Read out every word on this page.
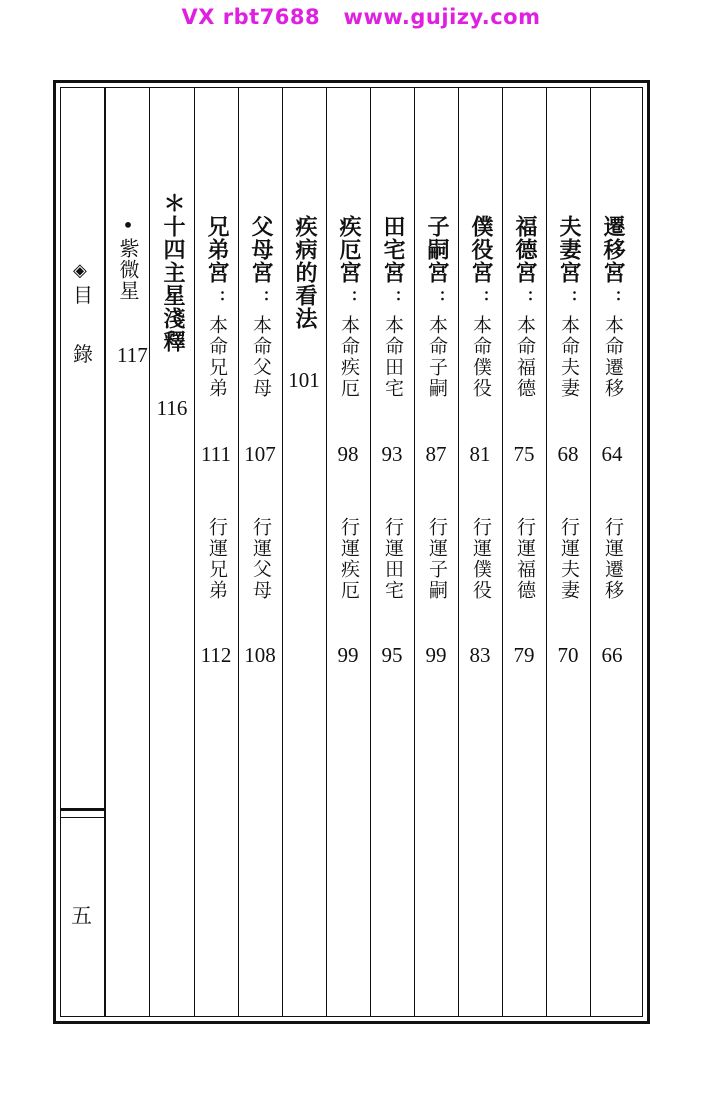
VX rbt7688   www.gujizy.com
◈
目
錄
五
遷移宮
：
本命遷移
64
行運遷移
66
夫妻宮
：
本命夫妻
68
行運夫妻
70
福德宮
：
本命福德
75
行運福德
79
僕役宮
：
本命僕役
81
行運僕役
83
子嗣宮
：
本命子嗣
87
行運子嗣
99
田宅宮
：
本命田宅
93
行運田宅
95
疾厄宮
：
本命疾厄
98
行運疾厄
99
疾病的看法
101
父母宮
：
本命父母
107
行運父母
108
兄弟宮
：
本命兄弟
111
行運兄弟
112
＊十四主星淺釋
116
•紫微星
117
